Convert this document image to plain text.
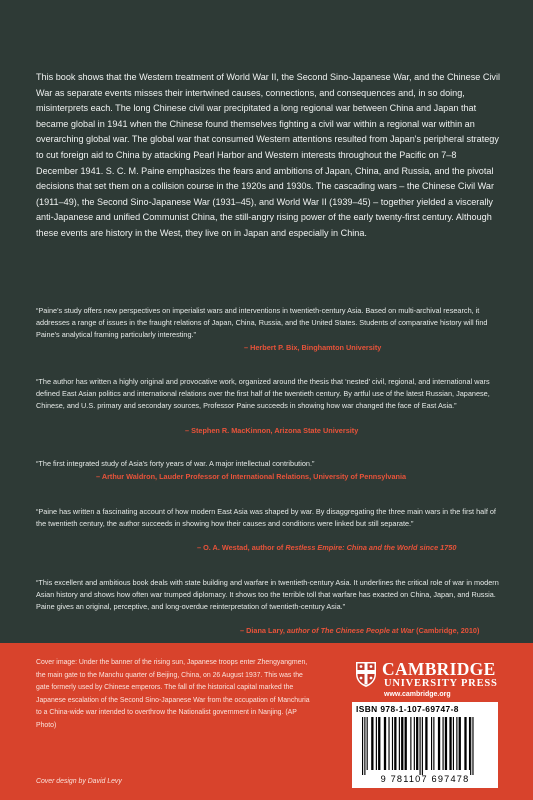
This book shows that the Western treatment of World War II, the Second Sino-Japanese War, and the Chinese Civil War as separate events misses their intertwined causes, connections, and consequences and, in so doing, misinterprets each. The long Chinese civil war precipitated a long regional war between China and Japan that became global in 1941 when the Chinese found themselves fighting a civil war within a regional war within an overarching global war. The global war that consumed Western attentions resulted from Japan's peripheral strategy to cut foreign aid to China by attacking Pearl Harbor and Western interests throughout the Pacific on 7–8 December 1941. S. C. M. Paine emphasizes the fears and ambitions of Japan, China, and Russia, and the pivotal decisions that set them on a collision course in the 1920s and 1930s. The cascading wars – the Chinese Civil War (1911–49), the Second Sino-Japanese War (1931–45), and World War II (1939–45) – together yielded a viscerally anti-Japanese and unified Communist China, the still-angry rising power of the early twenty-first century. Although these events are history in the West, they live on in Japan and especially in China.

“Paine's study offers new perspectives on imperialist wars and interventions in twentieth-century Asia. Based on multi-archival research, it addresses a range of issues in the fraught relations of Japan, China, Russia, and the United States. Students of comparative history will find Paine's analytical framing particularly interesting.”

– Herbert P. Bix, Binghamton University

“The author has written a highly original and provocative work, organized around the thesis that ‘nested’ civil, regional, and international wars defined East Asian politics and international relations over the first half of the twentieth century. By artful use of the latest Russian, Japanese, Chinese, and U.S. primary and secondary sources, Professor Paine succeeds in showing how war changed the face of East Asia.”

– Stephen R. MacKinnon, Arizona State University

“The first integrated study of Asia's forty years of war. A major intellectual contribution.”

– Arthur Waldron, Lauder Professor of International Relations, University of Pennsylvania

“Paine has written a fascinating account of how modern East Asia was shaped by war. By disaggregating the three main wars in the first half of the twentieth century, the author succeeds in showing how their causes and conditions were linked but still separate.”

– O. A. Westad, author of Restless Empire: China and the World since 1750

“This excellent and ambitious book deals with state building and warfare in twentieth-century Asia. It underlines the critical role of war in modern Asian history and shows how often war trumped diplomacy. It shows too the terrible toll that warfare has exacted on China, Japan, and Russia. Paine gives an original, perceptive, and long-overdue reinterpretation of twentieth-century Asia.”

– Diana Lary, author of The Chinese People at War (Cambridge, 2010)

Cover image: Under the banner of the rising sun, Japanese troops enter Zhengyangmen, the main gate to the Manchu quarter of Beijing, China, on 26 August 1937. This was the gate formerly used by Chinese emperors. The fall of the historical capital marked the Japanese escalation of the Second Sino-Japanese War from the occupation of Manchuria to a China-wide war intended to overthrow the Nationalist government in Nanjing. (AP Photo)

Cover design by David Levy

CAMBRIDGE
UNIVERSITY PRESS
www.cambridge.org

ISBN 978-1-107-69747-8

9 781107 697478
